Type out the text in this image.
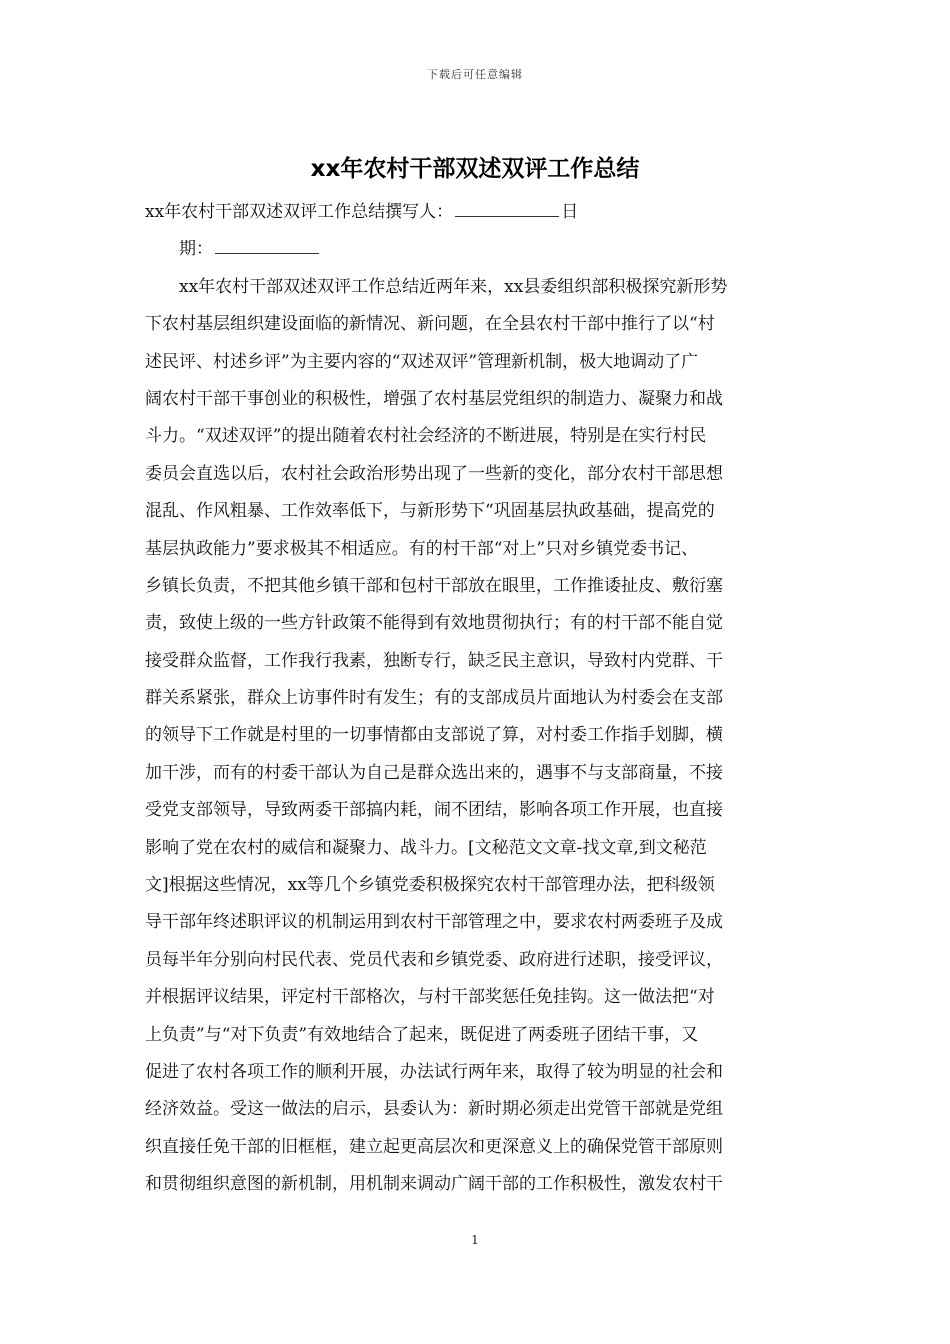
下载后可任意编辑
xx年农村干部双述双评工作总结
xx年农村干部双述双评工作总结撰写人：	日
期：
xx年农村干部双述双评工作总结近两年来，xx县委组织部积极探究新形势
下农村基层组织建设面临的新情况、新问题，在全县农村干部中推行了以“村
述民评、村述乡评”为主要内容的“双述双评”管理新机制，极大地调动了广
阔农村干部干事创业的积极性，增强了农村基层党组织的制造力、凝聚力和战
斗力。“双述双评”的提出随着农村社会经济的不断进展，特别是在实行村民
委员会直选以后，农村社会政治形势出现了一些新的变化，部分农村干部思想
混乱、作风粗暴、工作效率低下，与新形势下“巩固基层执政基础，提高党的
基层执政能力”要求极其不相适应。有的村干部“对上”只对乡镇党委书记、
乡镇长负责，不把其他乡镇干部和包村干部放在眼里，工作推诿扯皮、敷衍塞
责，致使上级的一些方针政策不能得到有效地贯彻执行；有的村干部不能自觉
接受群众监督，工作我行我素，独断专行，缺乏民主意识，导致村内党群、干
群关系紧张，群众上访事件时有发生；有的支部成员片面地认为村委会在支部
的领导下工作就是村里的一切事情都由支部说了算，对村委工作指手划脚，横
加干涉，而有的村委干部认为自己是群众选出来的，遇事不与支部商量，不接
受党支部领导，导致两委干部搞内耗，闹不团结，影响各项工作开展，也直接
影响了党在农村的威信和凝聚力、战斗力。[文秘范文文章-找文章,到文秘范
文]根据这些情况，xx等几个乡镇党委积极探究农村干部管理办法，把科级领
导干部年终述职评议的机制运用到农村干部管理之中，要求农村两委班子及成
员每半年分别向村民代表、党员代表和乡镇党委、政府进行述职，接受评议，
并根据评议结果，评定村干部格次，与村干部奖惩任免挂钩。这一做法把“对
上负责”与“对下负责”有效地结合了起来，既促进了两委班子团结干事，又
促进了农村各项工作的顺利开展，办法试行两年来，取得了较为明显的社会和
经济效益。受这一做法的启示，县委认为：新时期必须走出党管干部就是党组
织直接任免干部的旧框框，建立起更高层次和更深意义上的确保党管干部原则
和贯彻组织意图的新机制，用机制来调动广阔干部的工作积极性，激发农村干
1
